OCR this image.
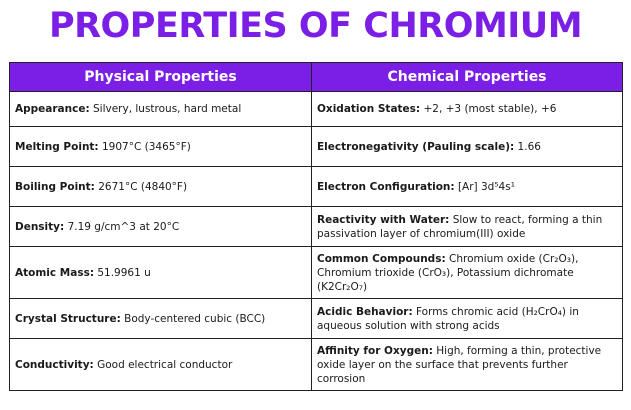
PROPERTIES OF CHROMIUM
Physical Properties	Chemical Properties
Appearance: Silvery, lustrous, hard metal	Oxidation States: +2, +3 (most stable), +6
Melting Point: 1907°C (3465°F)	Electronegativity (Pauling scale): 1.66
Boiling Point: 2671°C (4840°F)	Electron Configuration: [Ar] 3d⁵4s¹
Density: 7.19 g/cm^3 at 20°C	Reactivity with Water: Slow to react, forming a thin passivation layer of chromium(III) oxide
Atomic Mass: 51.9961 u	Common Compounds: Chromium oxide (Cr₂O₃), Chromium trioxide (CrO₃), Potassium dichromate (K2Cr₂O₇)
Crystal Structure: Body-centered cubic (BCC)	Acidic Behavior: Forms chromic acid (H₂CrO₄) in aqueous solution with strong acids
Conductivity: Good electrical conductor	Affinity for Oxygen: High, forming a thin, protective oxide layer on the surface that prevents further corrosion
